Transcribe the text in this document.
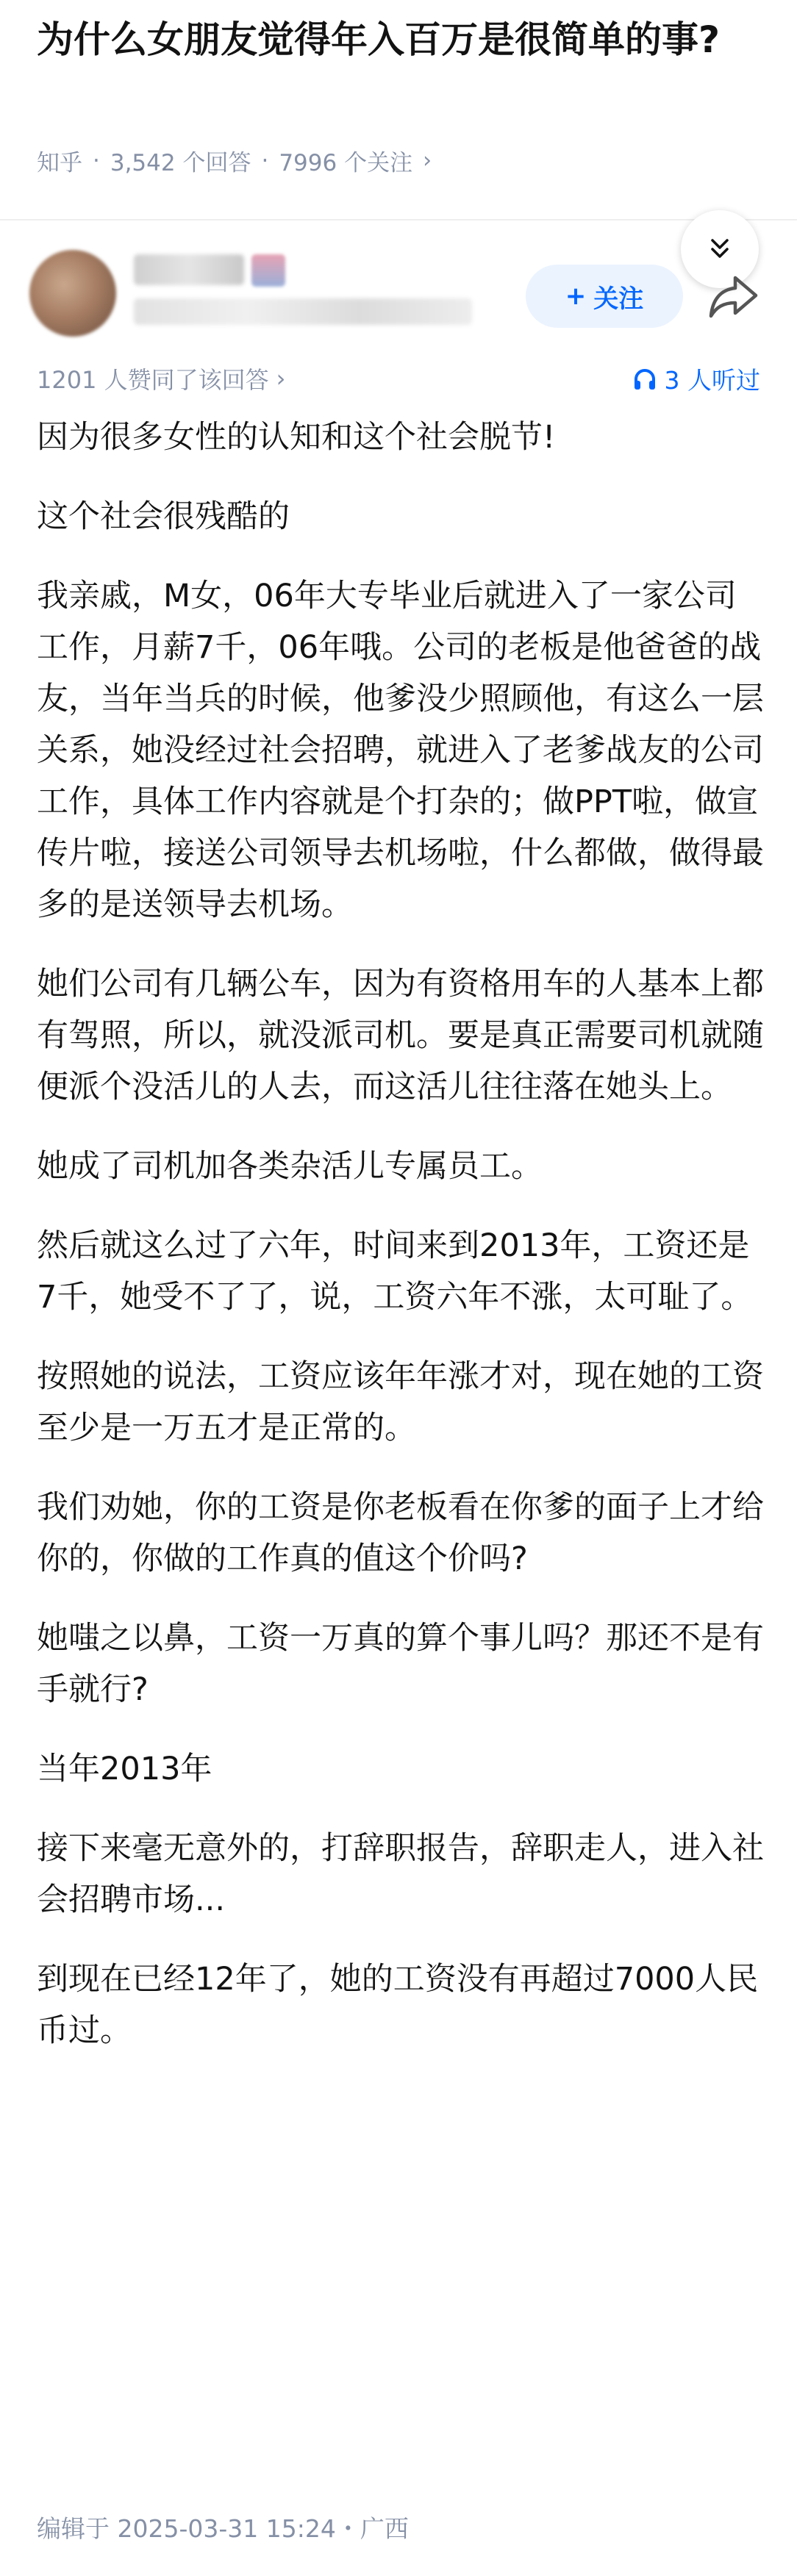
为什么女朋友觉得年入百万是很简单的事?
知乎 · 3,542 个回答 · 7996 个关注 ›
+ 关注
1201 人赞同了该回答 ›	3 人听过

因为很多女性的认知和这个社会脱节!

这个社会很残酷的

我亲戚，M女，06年大专毕业后就进入了一家公司工作，月薪7千，06年哦。公司的老板是他爸爸的战友，当年当兵的时候，他爹没少照顾他，有这么一层关系，她没经过社会招聘，就进入了老爹战友的公司工作，具体工作内容就是个打杂的；做PPT啦，做宣传片啦，接送公司领导去机场啦，什么都做，做得最多的是送领导去机场。

她们公司有几辆公车，因为有资格用车的人基本上都有驾照，所以，就没派司机。要是真正需要司机就随便派个没活儿的人去，而这活儿往往落在她头上。

她成了司机加各类杂活儿专属员工。

然后就这么过了六年，时间来到2013年，工资还是7千，她受不了了，说，工资六年不涨，太可耻了。

按照她的说法，工资应该年年涨才对，现在她的工资至少是一万五才是正常的。

我们劝她，你的工资是你老板看在你爹的面子上才给你的，你做的工作真的值这个价吗?

她嗤之以鼻，工资一万真的算个事儿吗？那还不是有手就行?

当年2013年

接下来毫无意外的，打辞职报告，辞职走人，进入社会招聘市场...

到现在已经12年了，她的工资没有再超过7000人民币过。

编辑于 2025-03-31 15:24・广西
